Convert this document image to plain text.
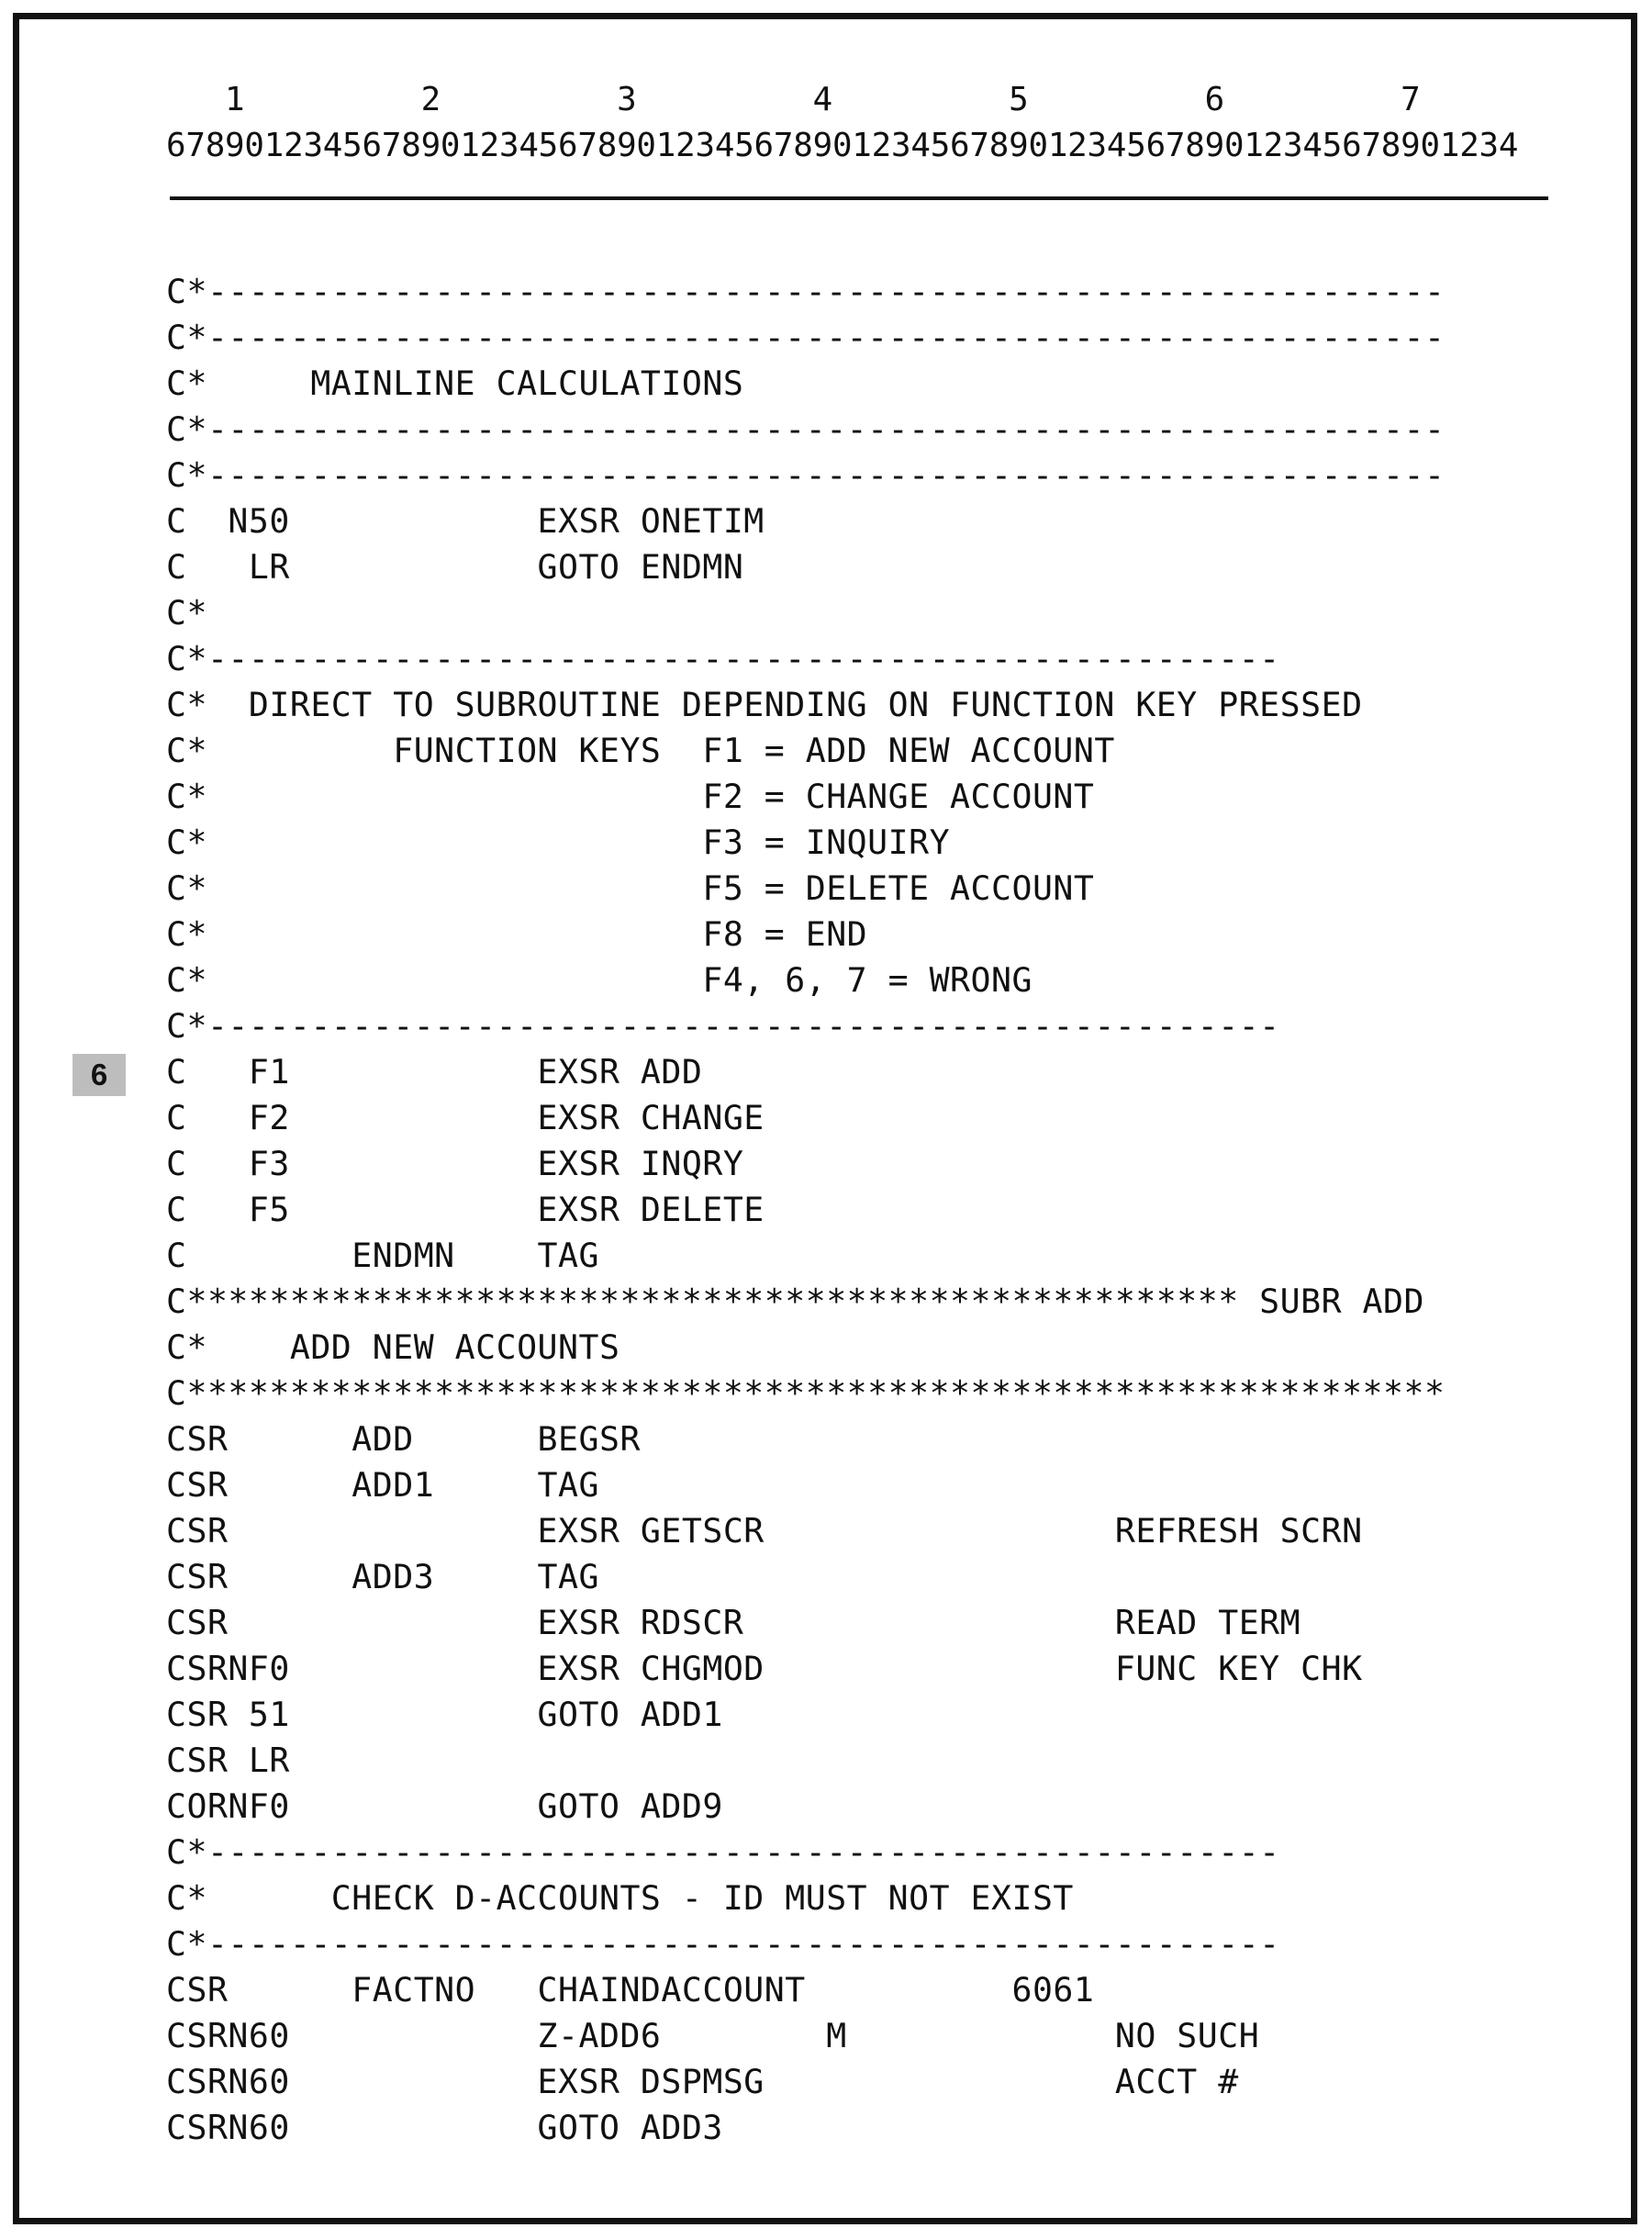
1         2         3         4         5         6         7
678901234567890123456789012345678901234567890123456789012345678901234
6
C*------------------------------------------------------------
C*------------------------------------------------------------
C*     MAINLINE CALCULATIONS
C*------------------------------------------------------------
C*------------------------------------------------------------
C  N50            EXSR ONETIM
C   LR            GOTO ENDMN
C*
C*----------------------------------------------------
C*  DIRECT TO SUBROUTINE DEPENDING ON FUNCTION KEY PRESSED
C*         FUNCTION KEYS  F1 = ADD NEW ACCOUNT
C*                        F2 = CHANGE ACCOUNT
C*                        F3 = INQUIRY
C*                        F5 = DELETE ACCOUNT
C*                        F8 = END
C*                        F4, 6, 7 = WRONG
C*----------------------------------------------------
C   F1            EXSR ADD
C   F2            EXSR CHANGE
C   F3            EXSR INQRY
C   F5            EXSR DELETE
C        ENDMN    TAG
C*************************************************** SUBR ADD
C*    ADD NEW ACCOUNTS
C*************************************************************
CSR      ADD      BEGSR
CSR      ADD1     TAG
CSR               EXSR GETSCR                 REFRESH SCRN
CSR      ADD3     TAG
CSR               EXSR RDSCR                  READ TERM
CSRNF0            EXSR CHGMOD                 FUNC KEY CHK
CSR 51            GOTO ADD1
CSR LR
CORNF0            GOTO ADD9
C*----------------------------------------------------
C*      CHECK D-ACCOUNTS - ID MUST NOT EXIST
C*----------------------------------------------------
CSR      FACTNO   CHAINDACCOUNT          6061
CSRN60            Z-ADD6        M             NO SUCH
CSRN60            EXSR DSPMSG                 ACCT #
CSRN60            GOTO ADD3
